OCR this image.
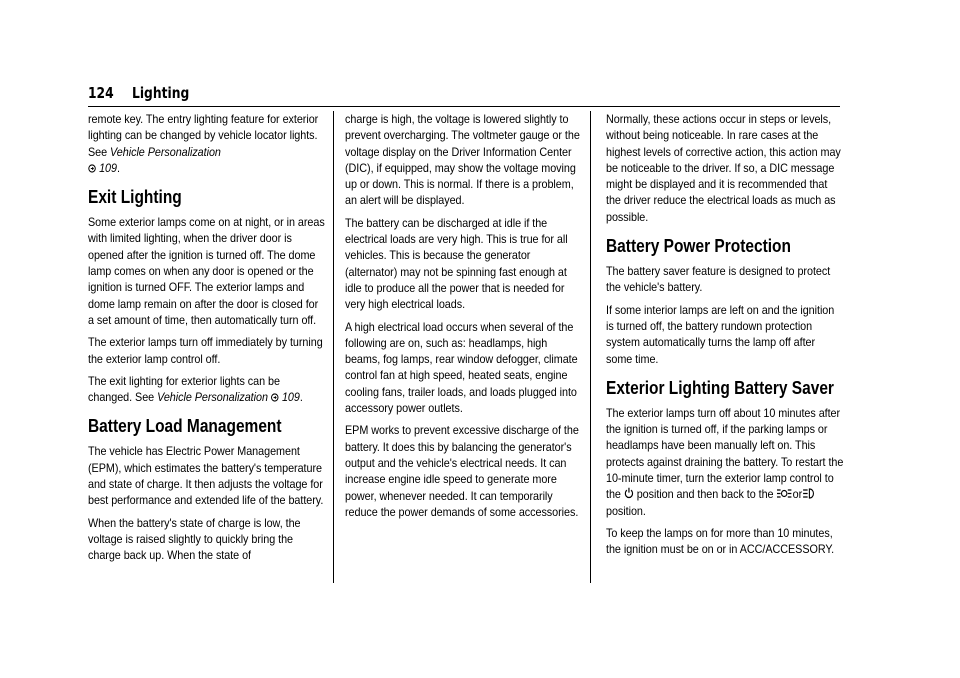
124 Lighting

remote key. The entry lighting feature for exterior lighting can be changed by vehicle locator lights. See Vehicle Personalization

109.

Exit Lighting

Some exterior lamps come on at night, or in areas with limited lighting, when the driver door is opened after the ignition is turned off. The dome lamp comes on when any door is opened or the ignition is turned OFF. The exterior lamps and dome lamp remain on after the door is closed for a set amount of time, then automatically turn off.

The exterior lamps turn off immediately by turning the exterior lamp control off.

The exit lighting for exterior lights can be changed. See Vehicle Personalization 109.

Battery Load Management

The vehicle has Electric Power Management (EPM), which estimates the battery's temperature and state of charge. It then adjusts the voltage for best performance and extended life of the battery.

When the battery's state of charge is low, the voltage is raised slightly to quickly bring the charge back up. When the state of

charge is high, the voltage is lowered slightly to prevent overcharging. The voltmeter gauge or the voltage display on the Driver Information Center (DIC), if equipped, may show the voltage moving up or down. This is normal. If there is a problem, an alert will be displayed.

The battery can be discharged at idle if the electrical loads are very high. This is true for all vehicles. This is because the generator (alternator) may not be spinning fast enough at idle to produce all the power that is needed for very high electrical loads.

A high electrical load occurs when several of the following are on, such as: headlamps, high beams, fog lamps, rear window defogger, climate control fan at high speed, heated seats, engine cooling fans, trailer loads, and loads plugged into accessory power outlets.

EPM works to prevent excessive discharge of the battery. It does this by balancing the generator's output and the vehicle's electrical needs. It can increase engine idle speed to generate more power, whenever needed. It can temporarily reduce the power demands of some accessories.

Normally, these actions occur in steps or levels, without being noticeable. In rare cases at the highest levels of corrective action, this action may be noticeable to the driver. If so, a DIC message might be displayed and it is recommended that the driver reduce the electrical loads as much as possible.

Battery Power Protection

The battery saver feature is designed to protect the vehicle's battery.

If some interior lamps are left on and the ignition is turned off, the battery rundown protection system automatically turns the lamp off after some time.

Exterior Lighting Battery Saver

The exterior lamps turn off about 10 minutes after the ignition is turned off, if the parking lamps or headlamps have been manually left on. This protects against draining the battery. To restart the 10-minute timer, turn the exterior lamp control to the
position and then back to the
or
position.

To keep the lamps on for more than 10 minutes, the ignition must be on or in ACC/ACCESSORY.
